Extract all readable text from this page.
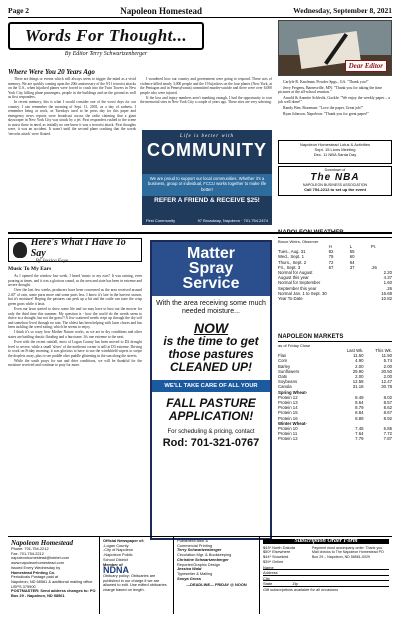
Page 2	Napoleon Homestead	Wednesday, September 8, 2021
Words For Thought...
By Editor Terry Schwartzenberger
Dear Editor
Where Were You 20 Years Ago

There are things or events which will always seem to trigger the mind as a vivid memory. We are quickly coming upon the 20th anniversary of the 9/11 terrorist attacks on the U.S., when hijacked planes were forced to crash into the Twin Towers in New York City, killing plane passengers, people in the buildings and on the ground as well as first responders.

In recent memory, this is what I would consider one of the worst days for our country. I can remember the morning of Sept. 11, 2001, as a day of sadness. I remember being at work, as Tuesdays used to be press day for this paper and emergency news reports were broadcast across the radio claiming that a giant skyscraper in New York City was struck by a jet. First responders rushed to the scene to assist those in need, as initially no one knew it was a terrorist attack. First thoughts were, it was an accident. It wasn't until the second plane crashing that the words 'terrorist attack' were floated.

I wondered how our country and government were going to respond. These acts of violence killed nearly 3,000 people and the 19 hijackers on the four planes (New York, at the Pentagon and in Pennsylvania) committed murder-suicide and there were over 6,000 people who were injured.

If the loss and injury numbers aren't numbing enough, I had the opportunity to tour the memorial sites in New York City a couple of years ago. These sites are very sobering.

Carlyle R. Kaufman, Powder Spgs., GA. "Thank you!"

Jerry Fergens, Barnesville, MN: "Thank you for taking the time pictures at the all-school reunion."

Arnold & Annette Schlecht, Gackle: "We enjoy the weekly paper – a job well done!"

Randy Ben, Bozeman: "Love the paper. Great job!"

Ryan Johnson, Napoleon: "Thank you for great paper!"

Life is better with
COMMUNITY
We are proud to support our local communities. Whether it's a business, group or individual, FCCU works together to make life better!
REFER A FRIEND & RECEIVE $25!
First Community	97 Broadway, Napoleon · 701.754.2474
Napoleon Homestead Lotus & Activities
Sept. 15 Lions Meeting
Dec. 11 NBA Santa Day
Downtown of
The NBA
NAPOLEON BUSINESS ASSOCIATION
Call 754-2212 to set up the event
Here's What I Have To Say
... By Jessica Faye
Music To My Ears

As I opened the window last week, I heard 'music to my ears'! It was raining, even pouring at times, and it was a glorious sound, as the area and state has been in extreme and severe drought.

Over the last few weeks, producers have been concerned as the area received around 2.40" of rain, some parts more and some parts less. I know it's late in the harvest season, but it's moisture! Hoping the pastures can perk up a bit and the cattle can taste the crisp green grass while it lasts.

Even our lawn started to show some life and we may have to bust out the mower for only the third time this summer. My question is - how the world do the weeds seem to thrive in a drought, but not the grass?! A few scattered weeds crept up through the dry soil and somehow lived through no rain. The oldest has been helping with lawn chores and has been tackling the weed eating, which he seems to enjoy.

I think it's so crazy how Mother Nature works, as we are in dry conditions and other states are battling drastic flooding and a hurricane. It's one extreme to the next.

Even with the recent rainfall, most of Logan County has been moved to D2 drought level to severe, while a small 'sliver' of the northeast corner is still at D3 extreme. Driving to work on Friday morning, it was glorious to have to use the windshield wipers to swipe the droplets away, plus to see puddle after puddle glistening in the sun along the streets.

While the south prays for sun and drier conditions, we will be thankful for the moisture received and continue to pray for more.

Matter
Spray
Service
With the area receiving some much needed moisture...
NOW
is the time to get those pastures CLEANED UP!
WE'LL TAKE CARE OF ALL YOUR
FALL PASTURE APPLICATION!
For scheduling & pricing, contact
Rod: 701-321-0767
NAPOLEON WEATHER
Bruce Weirs, Observer
H	L	Pr.
Tues., Aug. 31	82	55
Wed., Sept. 1	79	60
Thurs., Sept. 2	72	64
Fri., Sept. 3	67	37	.26
Normal for August	2.20
August this year	4.37
Normal for September	1.60
September this year	.26
Normal Jan. 1 to Sept. 30	16.68
Year To Date	10.82
NAPOLEON MARKETS
as of Friday Close
Last Wk.	This Wk.
Flax	11.50	11.50
Corn	4.90	5.74
Barley	2.00	2.00
Sunflowers	29.90	30.50
Oats	2.00	2.00
Soybeans	12.58	12.47
Canola	31.18	30.78
Spring Wheat-
Protein 12	8.49	8.02
Protein 13	8.64	8.57
Protein 14	8.79	8.62
Protein 15	8.84	8.67
Protein 16	8.89	8.92
Winter Wheat-
Protein 10	7.45	6.85
Protein 11	7.64	7.72
Protein 12	7.79	7.87
Napoleon Homestead
Phone: 701-754-2212
Fax: 701-754-2212
napoleonhomestead@bektel.com
www.napoleonhomestead.com
Issued Every Wednesday by
Homestead Printing Co.
Periodicals Postage paid at
Napoleon, ND 58561 & additional mailing office
USPS 379900
POSTMASTER: Send address changes to: PO Box 29 - Napoleon, ND 58561
Official Newspaper of:
-Logan County
-City of Napoleon
-Napoleon Public
School District
Member of
NDNA
Obituary policy: Obituaries are published in our charge if we are allowed to edit. Use edited obituaries charge based on length.
Publisher/Editor &
Commercial Printing
Terry Schwartzenberger
Circulation Mgr. & Bookkeeping
Christine Schwartzenberger
Reporter/Graphic Design
Jessica Wald
Typesetter & Mailing
Sonya Gross
—DEADLINE— FRIDAY @ NOON
Subscription Order Form
$43* North Dakota
$50* Elsewhere
$44* Snowbird
$39* Online
Payment must accompany order. Thank you. Mail checks to The Napoleon Homestead PO Box 29 – Napoleon, ND 58561-0029
Name
Address
City
State	Zip
Gift subscriptions available for all occasions
